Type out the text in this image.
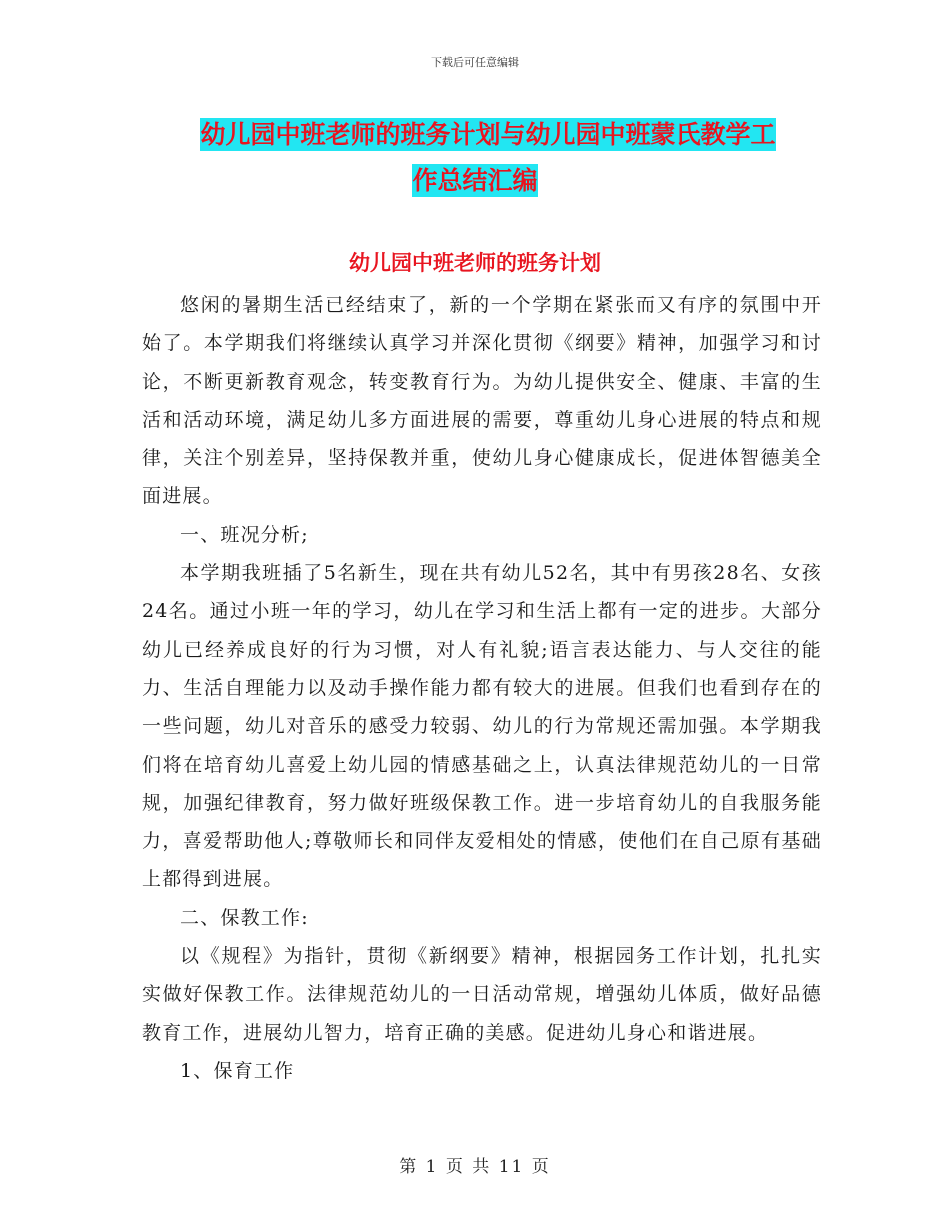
下载后可任意编辑
幼儿园中班老师的班务计划与幼儿园中班蒙氏教学工
作总结汇编
幼儿园中班老师的班务计划

悠闲的暑期生活已经结束了，新的一个学期在紧张而又有序的氛围中开始了。本学期我们将继续认真学习并深化贯彻《纲要》精神，加强学习和讨论，不断更新教育观念，转变教育行为。为幼儿提供安全、健康、丰富的生活和活动环境，满足幼儿多方面进展的需要，尊重幼儿身心进展的特点和规律，关注个别差异，坚持保教并重，使幼儿身心健康成长，促进体智德美全面进展。

一、班况分析;

本学期我班插了5名新生，现在共有幼儿52名，其中有男孩28名、女孩24名。通过小班一年的学习，幼儿在学习和生活上都有一定的进步。大部分幼儿已经养成良好的行为习惯，对人有礼貌;语言表达能力、与人交往的能力、生活自理能力以及动手操作能力都有较大的进展。但我们也看到存在的一些问题，幼儿对音乐的感受力较弱、幼儿的行为常规还需加强。本学期我们将在培育幼儿喜爱上幼儿园的情感基础之上，认真法律规范幼儿的一日常规，加强纪律教育，努力做好班级保教工作。进一步培育幼儿的自我服务能力，喜爱帮助他人;尊敬师长和同伴友爱相处的情感，使他们在自己原有基础上都得到进展。

二、保教工作:

以《规程》为指针，贯彻《新纲要》精神，根据园务工作计划，扎扎实实做好保教工作。法律规范幼儿的一日活动常规，增强幼儿体质，做好品德教育工作，进展幼儿智力，培育正确的美感。促进幼儿身心和谐进展。

1、保育工作

第 1 页 共 11 页
